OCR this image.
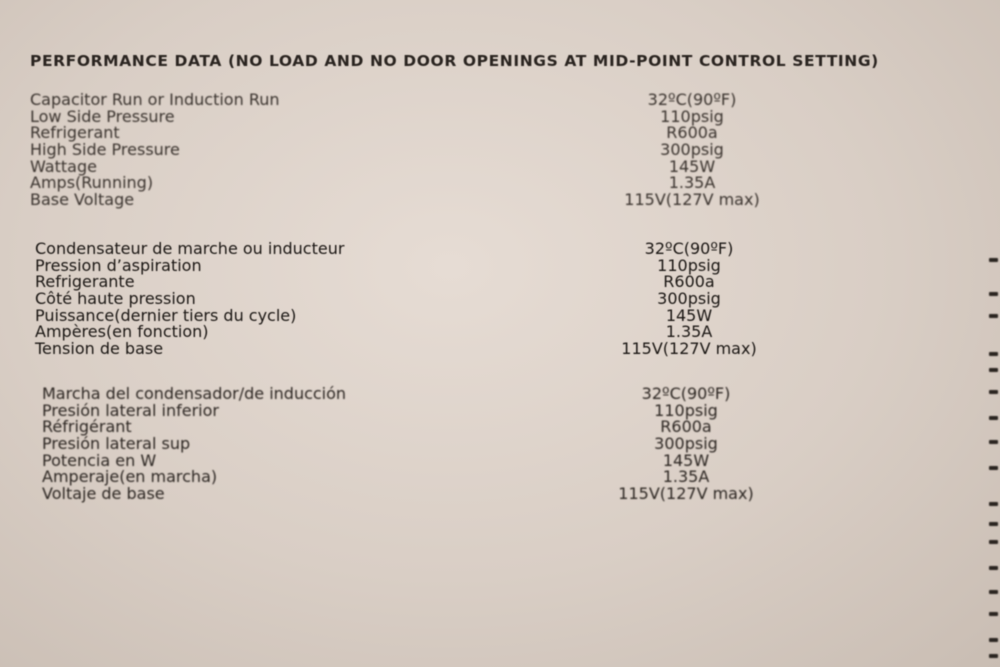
PERFORMANCE DATA (NO LOAD AND NO DOOR OPENINGS AT MID-POINT CONTROL SETTING)
Capacitor Run or Induction Run	32ºC(90ºF)
Low Side Pressure	110psig
Refrigerant	R600a
High Side Pressure	300psig
Wattage	145W
Amps(Running)	1.35A
Base Voltage	115V(127V max)
Condensateur de marche ou inducteur	32ºC(90ºF)
Pression d’aspiration	110psig
Refrigerante	R600a
Côté haute pression	300psig
Puissance(dernier tiers du cycle)	145W
Ampères(en fonction)	1.35A
Tension de base	115V(127V max)
Marcha del condensador/de inducción	32ºC(90ºF)
Presión lateral inferior	110psig
Réfrigérant	R600a
Presión lateral sup	300psig
Potencia en W	145W
Amperaje(en marcha)	1.35A
Voltaje de base	115V(127V max)
